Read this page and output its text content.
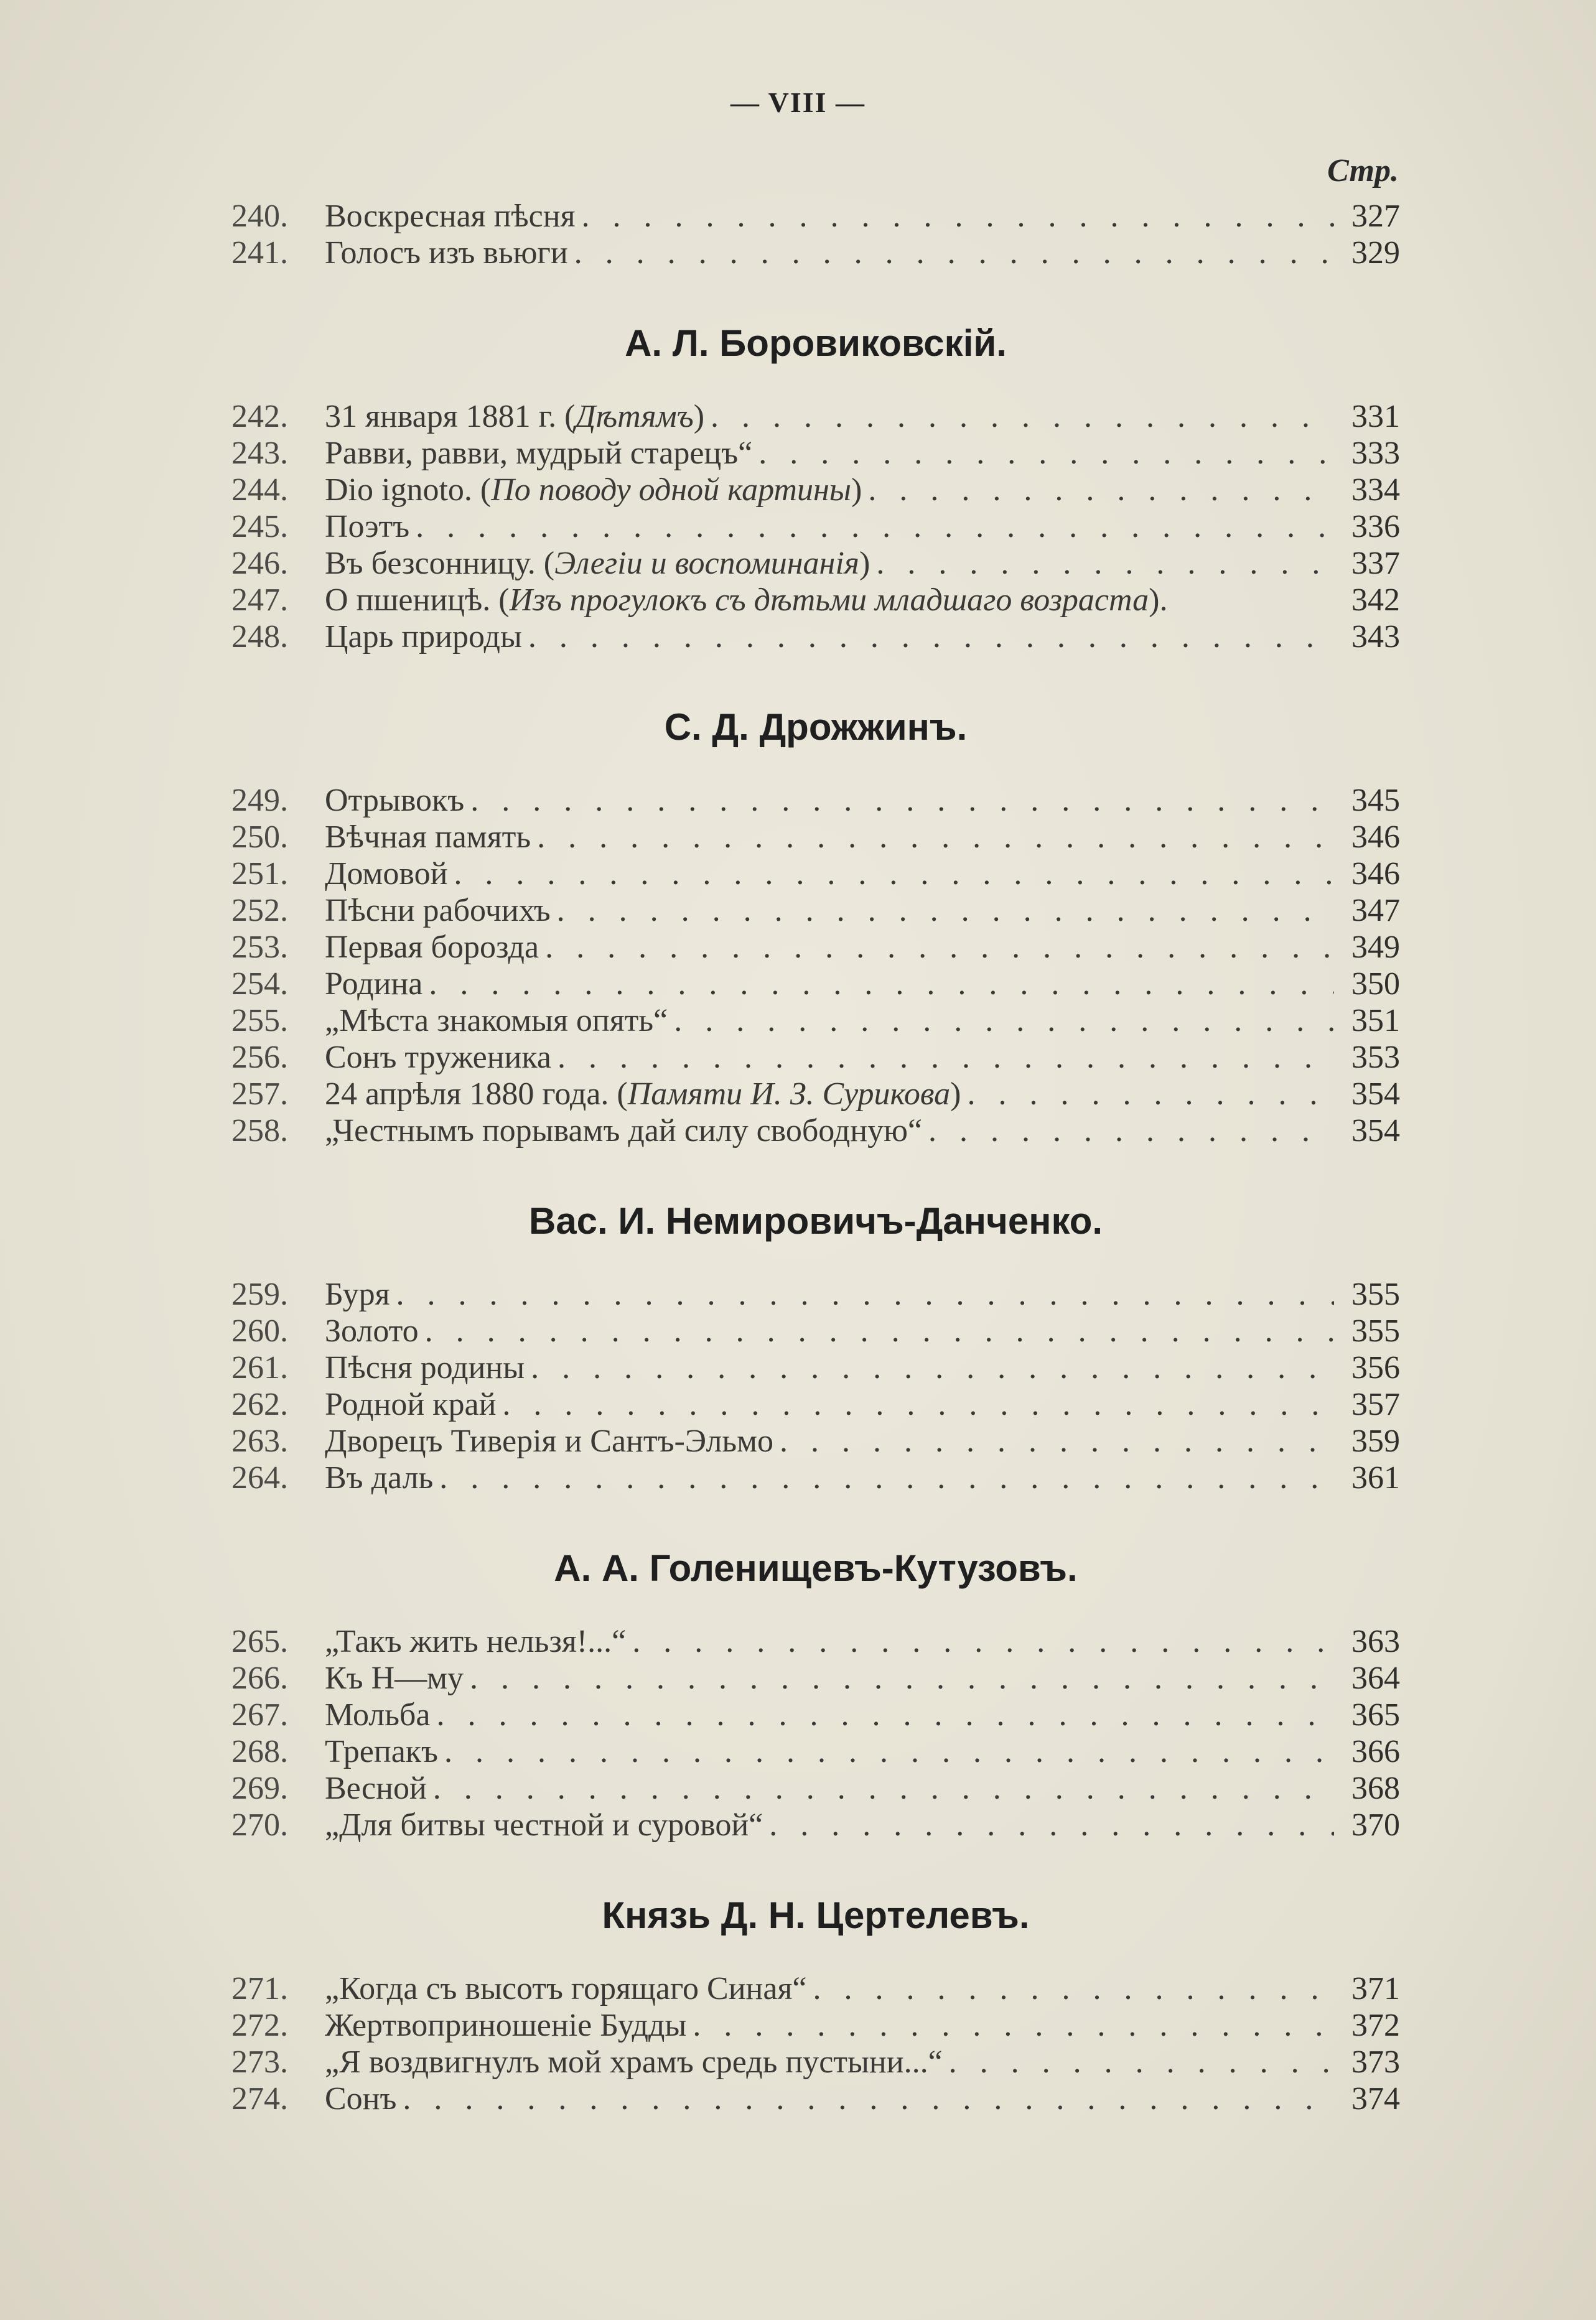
— VIII —
Стр.
240.	Воскресная пѣсня . . .	327
241.	Голосъ изъ вьюги . . .	329
А. Л. Боровиковскій.
242.	31 января 1881 г. (Дѣтямъ) . . .	331
243.	Равви, равви, мудрый старецъ“ . . .	333
244.	Dio ignoto. (По поводу одной картины) . . .	334
245.	Поэтъ . . .	336
246.	Въ безсонницу. (Элегіи и воспоминанія) . . .	337
247.	О пшеницѣ. (Изъ прогулокъ съ дѣтьми младшаго возраста).	342
248.	Царь природы . . .	343
С. Д. Дрожжинъ.
249.	Отрывокъ . . .	345
250.	Вѣчная память . . .	346
251.	Домовой . . .	346
252.	Пѣсни рабочихъ . . .	347
253.	Первая борозда . . .	349
254.	Родина . . .	350
255.	„Мѣста знакомыя опять“ . . .	351
256.	Сонъ труженика . . .	353
257.	24 апрѣля 1880 года. (Памяти И. З. Сурикова) . . .	354
258.	„Честнымъ порывамъ дай силу свободную“ . . .	354
Вас. И. Немировичъ-Данченко.
259.	Буря . . .	355
260.	Золото . . .	355
261.	Пѣсня родины . . .	356
262.	Родной край . . .	357
263.	Дворецъ Тиверія и Сантъ-Эльмо . . .	359
264.	Въ даль . . .	361
А. А. Голенищевъ-Кутузовъ.
265.	„Такъ жить нельзя!...“ . . .	363
266.	Къ Н—му . . .	364
267.	Мольба . . .	365
268.	Трепакъ . . .	366
269.	Весной . . .	368
270.	„Для битвы честной и суровой“ . . .	370
Князь Д. Н. Цертелевъ.
271.	„Когда съ высотъ горящаго Синая“ . . .	371
272.	Жертвоприношеніе Будды . . .	372
273.	„Я воздвигнулъ мой храмъ средь пустыни...“ . . .	373
274.	Сонъ . . .	374
